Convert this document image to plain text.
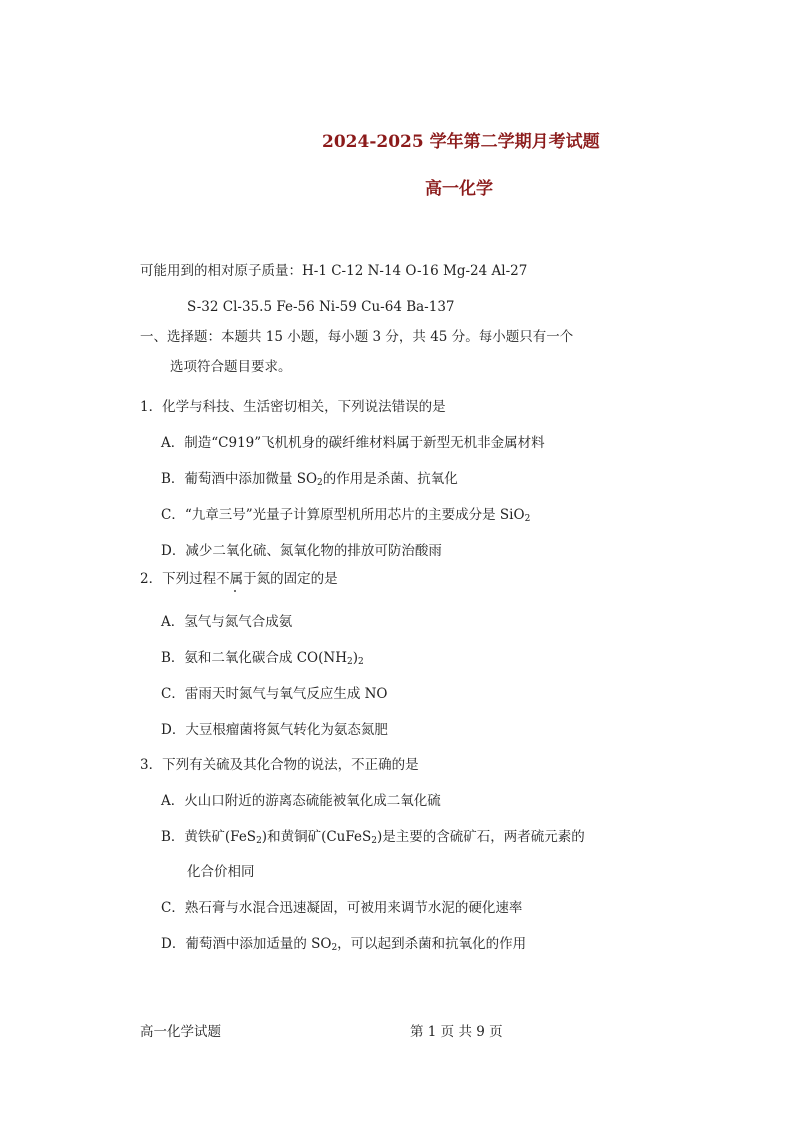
2024-2025 学年第二学期月考试题
高一化学
可能用到的相对原子质量：H-1 C-12 N-14 O-16 Mg-24 Al-27
S-32 Cl-35.5 Fe-56 Ni-59 Cu-64 Ba-137
一、选择题：本题共 15 小题，每小题 3 分，共 45 分。每小题只有一个
选项符合题目要求。
1．化学与科技、生活密切相关，下列说法错误的是
A．制造“C919”飞机机身的碳纤维材料属于新型无机非金属材料
B．葡萄酒中添加微量 $SO_2$的作用是杀菌、抗氧化
C．“九章三号”光量子计算原型机所用芯片的主要成分是 SiO$_2$
D．减少二氧化硫、氮氧化物的排放可防治酸雨
2．下列过程不属于氮的固定的是
A．氢气与氮气合成氨
B．氨和二氧化碳合成 $CO(NH_2)_2$
C．雷雨天时氮气与氧气反应生成 NO
D．大豆根瘤菌将氮气转化为氨态氮肥
3．下列有关硫及其化合物的说法，不正确的是
A．火山口附近的游离态硫能被氧化成二氧化硫
B．黄铁矿(FeS$_2$)和黄铜矿(CuFeS$_2$)是主要的含硫矿石，两者硫元素的
化合价相同
C．熟石膏与水混合迅速凝固，可被用来调节水泥的硬化速率
D．葡萄酒中添加适量的 $SO_2$，可以起到杀菌和抗氧化的作用
高一化学试题	第 1 页 共 9 页
